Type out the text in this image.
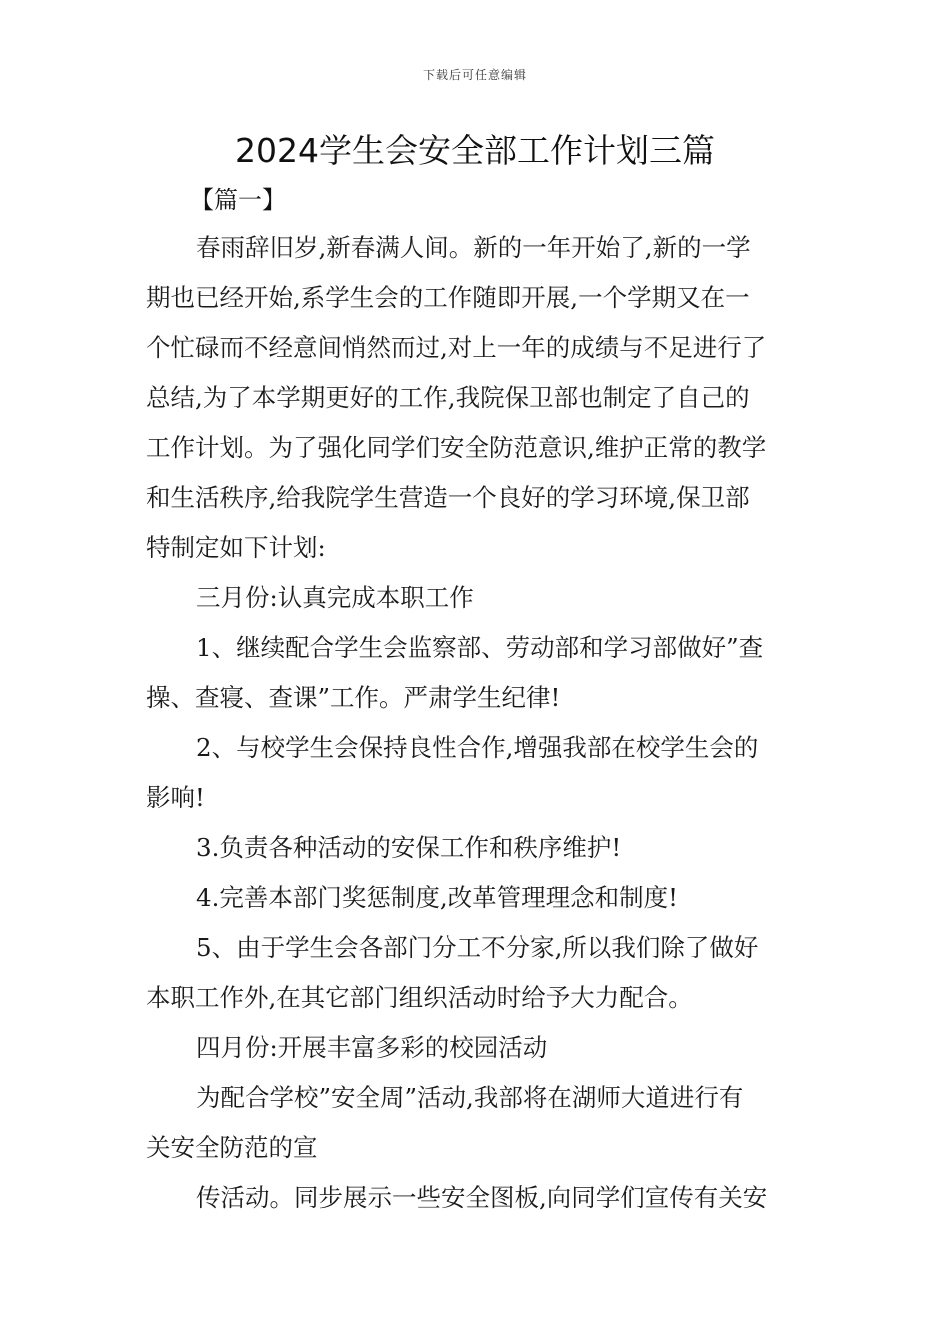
下载后可任意编辑
2024学生会安全部工作计划三篇
【篇一】
春雨辞旧岁,新春满人间。新的一年开始了,新的一学
期也已经开始,系学生会的工作随即开展,一个学期又在一
个忙碌而不经意间悄然而过,对上一年的成绩与不足进行了
总结,为了本学期更好的工作,我院保卫部也制定了自己的
工作计划。为了强化同学们安全防范意识,维护正常的教学
和生活秩序,给我院学生营造一个良好的学习环境,保卫部
特制定如下计划:
三月份:认真完成本职工作
1、继续配合学生会监察部、劳动部和学习部做好”查
操、查寝、查课”工作。严肃学生纪律!
2、与校学生会保持良性合作,增强我部在校学生会的
影响!
3.负责各种活动的安保工作和秩序维护!
4.完善本部门奖惩制度,改革管理理念和制度!
5、由于学生会各部门分工不分家,所以我们除了做好
本职工作外,在其它部门组织活动时给予大力配合。
四月份:开展丰富多彩的校园活动
为配合学校”安全周”活动,我部将在湖师大道进行有
关安全防范的宣
传活动。同步展示一些安全图板,向同学们宣传有关安
